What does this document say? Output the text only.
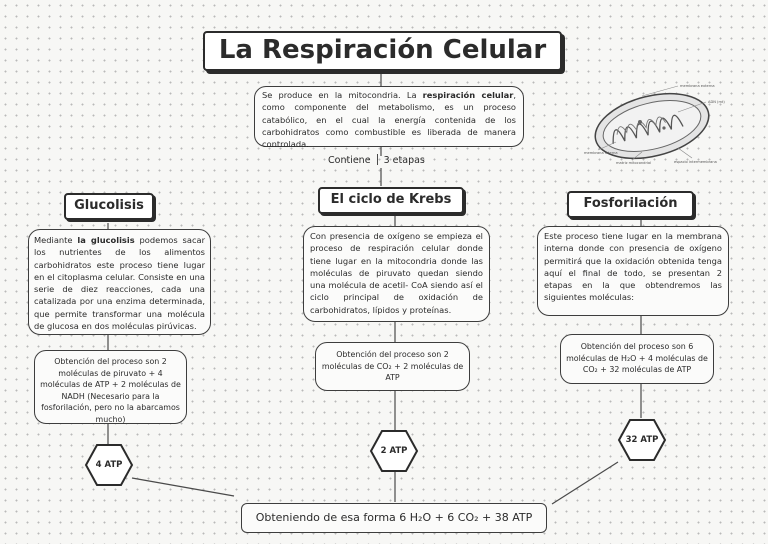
La Respiración Celular
Se produce en la mitocondria. La respiración celular, como componente del metabolismo, es un proceso catabólico, en el cual la energía contenida de los carbohidratos como combustible es liberada de manera controlada.
Contiene 3 etapas
membrana externa
ADN (mt)
membrana interna
matriz mitocondrial	espacio intermembrana
Glucolisis
Mediante la glucolisis podemos sacar los nutrientes de los alimentos carbohidratos este proceso tiene lugar en el citoplasma celular. Consiste en una serie de diez reacciones, cada una catalizada por una enzima determinada, que permite transformar una molécula de glucosa en dos moléculas pirúvicas.
Obtención del proceso son 2 moléculas de piruvato + 4 moléculas de ATP + 2 moléculas de NADH (Necesario para la fosforilación, pero no la abarcamos mucho)
4 ATP
El ciclo de Krebs
Con presencia de oxígeno se empieza el proceso de respiración celular donde tiene lugar en la mitocondria donde las moléculas de piruvato quedan siendo una molécula de acetil- CoA siendo así el ciclo principal de oxidación de carbohidratos, lípidos y proteínas.
Obtención del proceso son 2 moléculas de CO₂ + 2 moléculas de ATP
2 ATP
Fosforilación
Este proceso tiene lugar en la membrana interna donde con presencia de oxígeno permitirá que la oxidación obtenida tenga aquí el final de todo, se presentan 2 etapas en la que obtendremos las siguientes moléculas:
Obtención del proceso son 6 moléculas de H₂O + 4 moléculas de CO₂ + 32 moléculas de ATP
32 ATP
Obteniendo de esa forma 6 H₂O + 6 CO₂ + 38 ATP
